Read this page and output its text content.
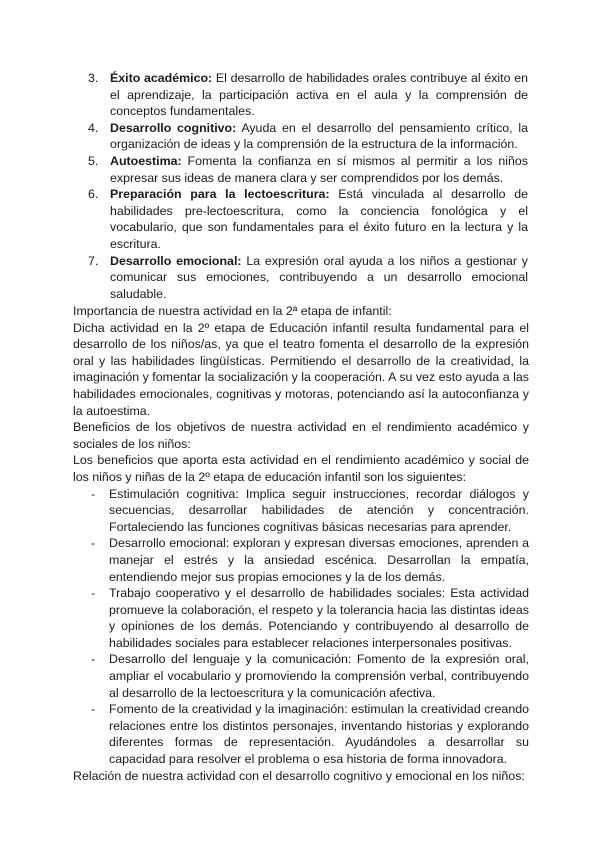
3. Éxito académico: El desarrollo de habilidades orales contribuye al éxito en el aprendizaje, la participación activa en el aula y la comprensión de conceptos fundamentales.
4. Desarrollo cognitivo: Ayuda en el desarrollo del pensamiento crítico, la organización de ideas y la comprensión de la estructura de la información.
5. Autoestima: Fomenta la confianza en sí mismos al permitir a los niños expresar sus ideas de manera clara y ser comprendidos por los demás.
6. Preparación para la lectoescritura: Está vinculada al desarrollo de habilidades pre-lectoescritura, como la conciencia fonológica y el vocabulario, que son fundamentales para el éxito futuro en la lectura y la escritura.
7. Desarrollo emocional: La expresión oral ayuda a los niños a gestionar y comunicar sus emociones, contribuyendo a un desarrollo emocional saludable.

Importancia de nuestra actividad en la 2ª etapa de infantil:

Dicha actividad en la 2º etapa de Educación infantil resulta fundamental para el desarrollo de los niños/as, ya que el teatro fomenta el desarrollo de la expresión oral y las habilidades lingüísticas. Permitiendo el desarrollo de la creatividad, la imaginación y fomentar la socialización y la cooperación. A su vez esto ayuda a las habilidades emocionales, cognitivas y motoras, potenciando así la autoconfianza y la autoestima.

Beneficios de los objetivos de nuestra actividad en el rendimiento académico y sociales de los niños:

Los beneficios que aporta esta actividad en el rendimiento académico y social de los niños y niñas de la 2º etapa de educación infantil son los siguientes:

- Estimulación cognitiva: Implica seguir instrucciones, recordar diálogos y secuencias, desarrollar habilidades de atención y concentración. Fortaleciendo las funciones cognitivas básicas necesarias para aprender.
- Desarrollo emocional: exploran y expresan diversas emociones, aprenden a manejar el estrés y la ansiedad escénica. Desarrollan la empatía, entendiendo mejor sus propias emociones y la de los demás.
- Trabajo cooperativo y el desarrollo de habilidades sociales: Esta actividad promueve la colaboración, el respeto y la tolerancia hacia las distintas ideas y opiniones de los demás. Potenciando y contribuyendo al desarrollo de habilidades sociales para establecer relaciones interpersonales positivas.
- Desarrollo del lenguaje y la comunicación: Fomento de la expresión oral, ampliar el vocabulario y promoviendo la comprensión verbal, contribuyendo al desarrollo de la lectoescritura y la comunicación afectiva.
- Fomento de la creatividad y la imaginación: estimulan la creatividad creando relaciones entre los distintos personajes, inventando historias y explorando diferentes formas de representación. Ayudándoles a desarrollar su capacidad para resolver el problema o esa historia de forma innovadora.

Relación de nuestra actividad con el desarrollo cognitivo y emocional en los niños:
